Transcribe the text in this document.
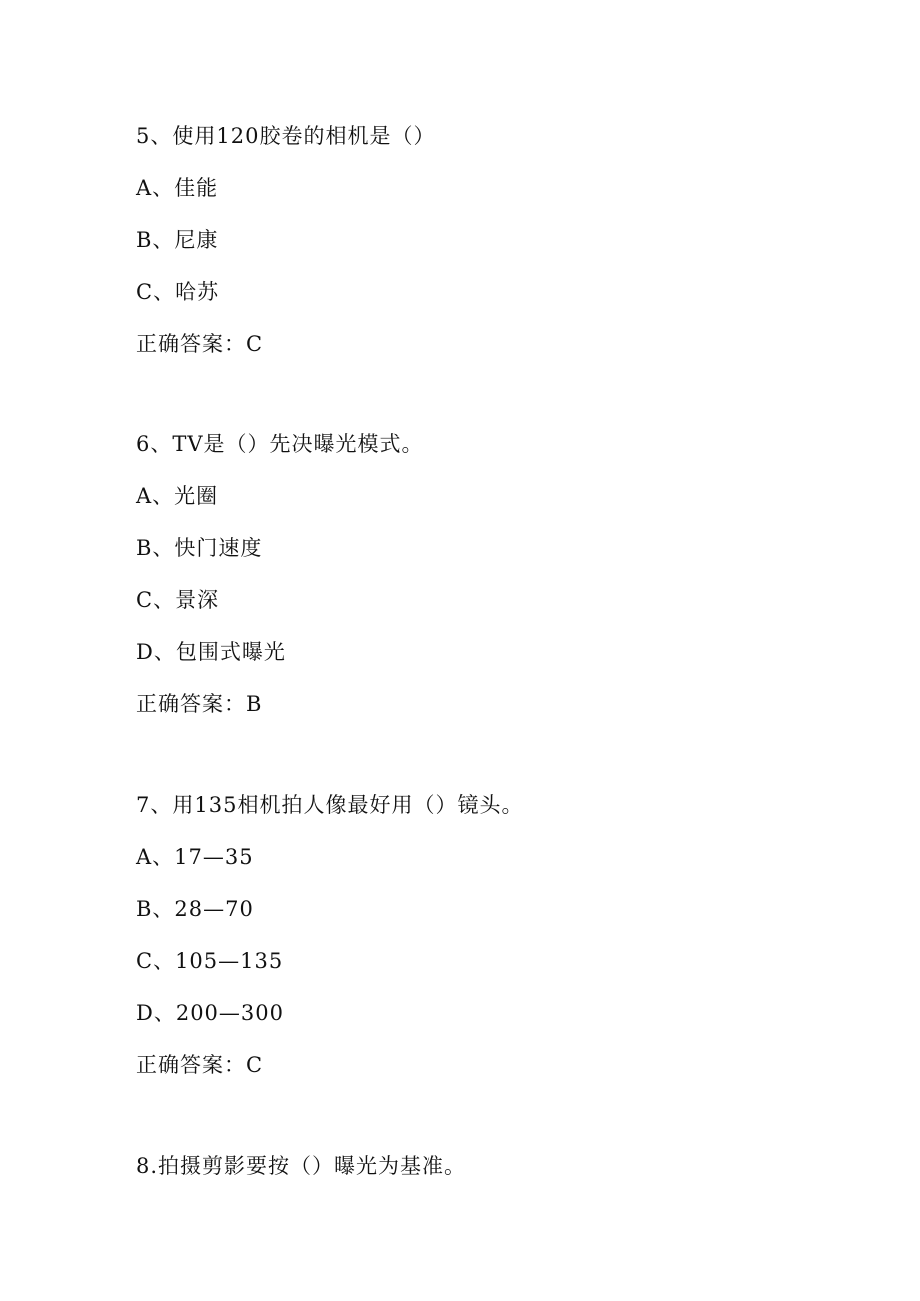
5、使用120胶卷的相机是（）
A、佳能
B、尼康
C、哈苏
正确答案：C
6、TV是（）先决曝光模式。
A、光圈
B、快门速度
C、景深
D、包围式曝光
正确答案：B
7、用135相机拍人像最好用（）镜头。
A、17—35
B、28—70
C、105—135
D、200—300
正确答案：C
8.拍摄剪影要按（）曝光为基准。
